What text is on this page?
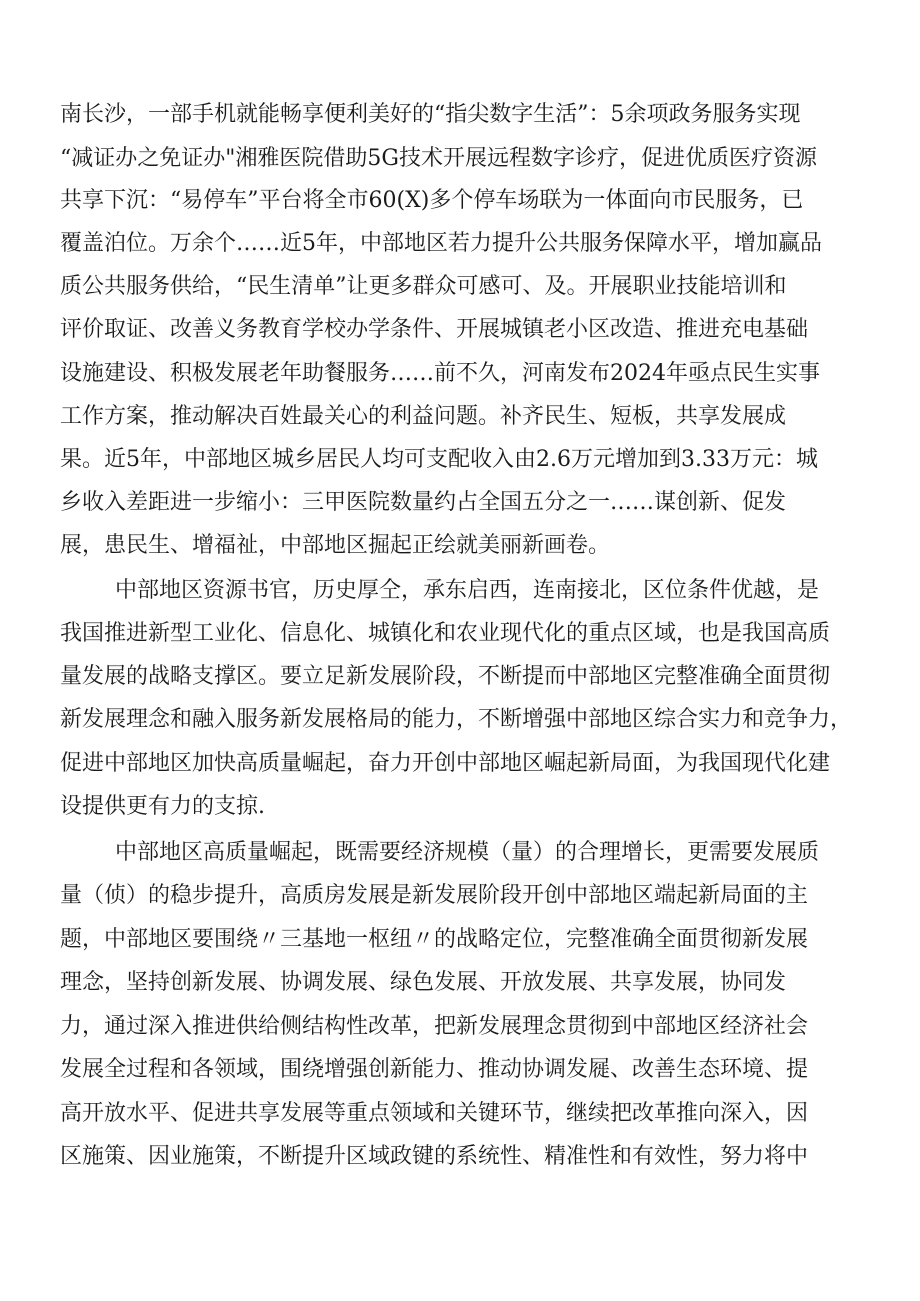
南长沙，一部手机就能畅享便利美好的“指尖数字生活”：5余项政务服务实现
“减证办之免证办"湘雅医院借助5G技术开展远程数字诊疗，促进优质医疗资源
共享下沉：“易停车”平台将全市60(X)多个停车场联为一体面向市民服务，已
覆盖泊位。万余个……近5年，中部地区若力提升公共服务保障水平，增加赢品
质公共服务供给，“民生清单”让更多群众可感可、及。开展职业技能培训和
评价取证、改善义务教育学校办学条件、开展城镇老小区改造、推进充电基础
设施建设、积极发展老年助餐服务……前不久，河南发布2024年亟点民生实事
工作方案，推动解决百姓最关心的利益问题。补齐民生、短板，共享发展成
果。近5年，中部地区城乡居民人均可支配收入由2.6万元增加到3.33万元：城
乡收入差距进一步缩小：三甲医院数量约占全国五分之一……谋创新、促发
展，患民生、增福祉，中部地区掘起正绘就美丽新画卷。
中部地区资源书官，历史厚仝，承东启西，连南接北，区位条件优越，是
我国推进新型工业化、信息化、城镇化和农业现代化的重点区域，也是我国高质
量发展的战略支撑区。要立足新发展阶段，不断提而中部地区完整准确全面贯彻
新发展理念和融入服务新发展格局的能力，不断增强中部地区综合实力和竞争力，
促进中部地区加快高质量崛起，奋力开创中部地区崛起新局面，为我国现代化建
设提供更有力的支掠.
中部地区高质量崛起，既需要经济规模（量）的合理增长，更需要发展质
量（侦）的稳步提升，高质房发展是新发展阶段开创中部地区端起新局面的主
题，中部地区要围绕〃三基地一枢纽〃的战略定位，完整准确全面贯彻新发展
理念，坚持创新发展、协调发展、绿色发展、开放发展、共享发展，协同发
力，通过深入推进供给侧结构性改革，把新发展理念贯彻到中部地区经济社会
发展全过程和各领域，围绕增强创新能力、推动协调发屣、改善生态环境、提
高开放水平、促进共享发展等重点领域和关键环节，继续把改革推向深入，因
区施策、因业施策，不断提升区域政键的系统性、精准性和有效性，努力将中
